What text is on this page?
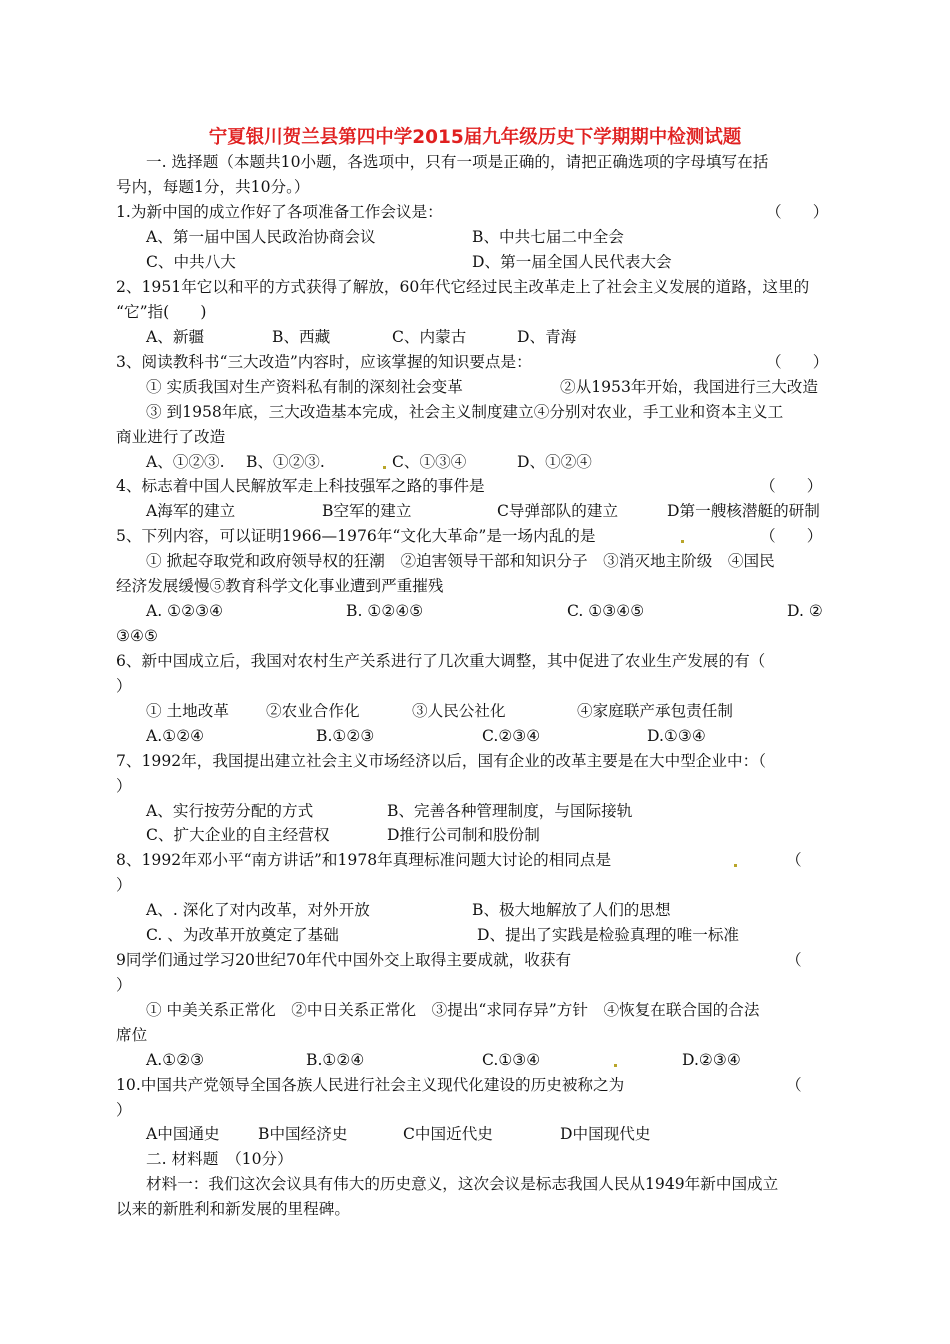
宁夏银川贺兰县第四中学2015届九年级历史下学期期中检测试题
一. 选择题（本题共10小题，各选项中，只有一项是正确的，请把正确选项的字母填写在括
号内，每题1分，共10分。）
1.为新中国的成立作好了各项准备工作会议是：	（　　）
A、第一届中国人民政治协商会议	B、中共七届二中全会
C、中共八大	D、第一届全国人民代表大会
2、1951年它以和平的方式获得了解放，60年代它经过民主改革走上了社会主义发展的道路，这里的
“它”指(　　)
A、新疆	B、西藏	C、内蒙古	D、青海
3、阅读教科书“三大改造”内容时，应该掌握的知识要点是：	（　　）
① 实质我国对生产资料私有制的深刻社会变革	②从1953年开始，我国进行三大改造
③ 到1958年底，三大改造基本完成，社会主义制度建立④分别对农业，手工业和资本主义工
商业进行了改造
A、①②③. B、①②③.	C、①③④	D、①②④
4、标志着中国人民解放军走上科技强军之路的事件是	（　　）
A海军的建立	B空军的建立	C导弹部队的建立	D第一艘核潜艇的研制
5、下列内容，可以证明1966—1976年“文化大革命”是一场内乱的是	（　　）
① 掀起夺取党和政府领导权的狂潮　②迫害领导干部和知识分子　③消灭地主阶级　④国民
经济发展缓慢⑤教育科学文化事业遭到严重摧残
A. ①②③④	B. ①②④⑤	C. ①③④⑤	D. ②
③④⑤
6、新中国成立后，我国对农村生产关系进行了几次重大调整，其中促进了农业生产发展的有（
）
① 土地改革 ②农业合作化	③人民公社化	④家庭联产承包责任制
A.①②④	B.①②③	C.②③④	D.①③④
7、1992年，我国提出建立社会主义市场经济以后，国有企业的改革主要是在大中型企业中：（
）
A、实行按劳分配的方式	B、完善各种管理制度，与国际接轨
C、扩大企业的自主经营权	D推行公司制和股份制
8、1992年邓小平“南方讲话”和1978年真理标准问题大讨论的相同点是	（
）
A、. 深化了对内改革，对外开放	B、极大地解放了人们的思想
C. 、为改革开放奠定了基础	D、提出了实践是检验真理的唯一标准
9同学们通过学习20世纪70年代中国外交上取得主要成就，收获有	（
）
① 中美关系正常化　②中日关系正常化　③提出“求同存异”方针　④恢复在联合国的合法
席位
A.①②③	B.①②④	C.①③④	D.②③④
10.中国共产党领导全国各族人民进行社会主义现代化建设的历史被称之为	（
）
A中国通史 B中国经济史	C中国近代史	D中国现代史
二. 材料题　（10分）
材料一：我们这次会议具有伟大的历史意义，这次会议是标志我国人民从1949年新中国成立
以来的新胜利和新发展的里程碑。
